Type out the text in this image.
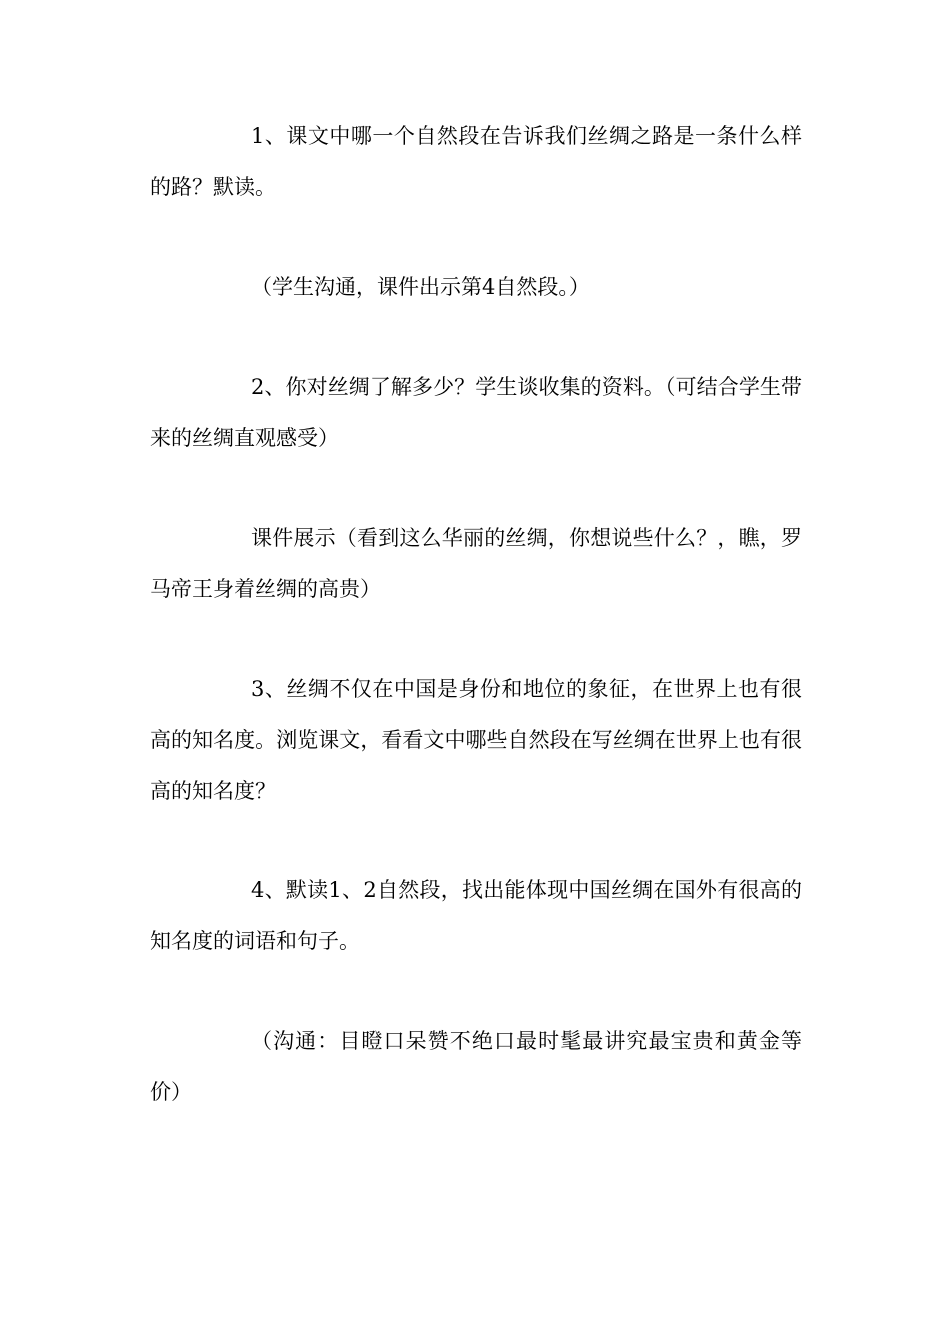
1、课文中哪一个自然段在告诉我们丝绸之路是一条什么样的路？默读。

（学生沟通，课件出示第4自然段。）

2、你对丝绸了解多少？学生谈收集的资料。（可结合学生带来的丝绸直观感受）

课件展示（看到这么华丽的丝绸，你想说些什么？，瞧，罗马帝王身着丝绸的高贵）

3、丝绸不仅在中国是身份和地位的象征，在世界上也有很高的知名度。浏览课文，看看文中哪些自然段在写丝绸在世界上也有很高的知名度？

4、默读1、2自然段，找出能体现中国丝绸在国外有很高的知名度的词语和句子。

（沟通：目瞪口呆赞不绝口最时髦最讲究最宝贵和黄金等价）
